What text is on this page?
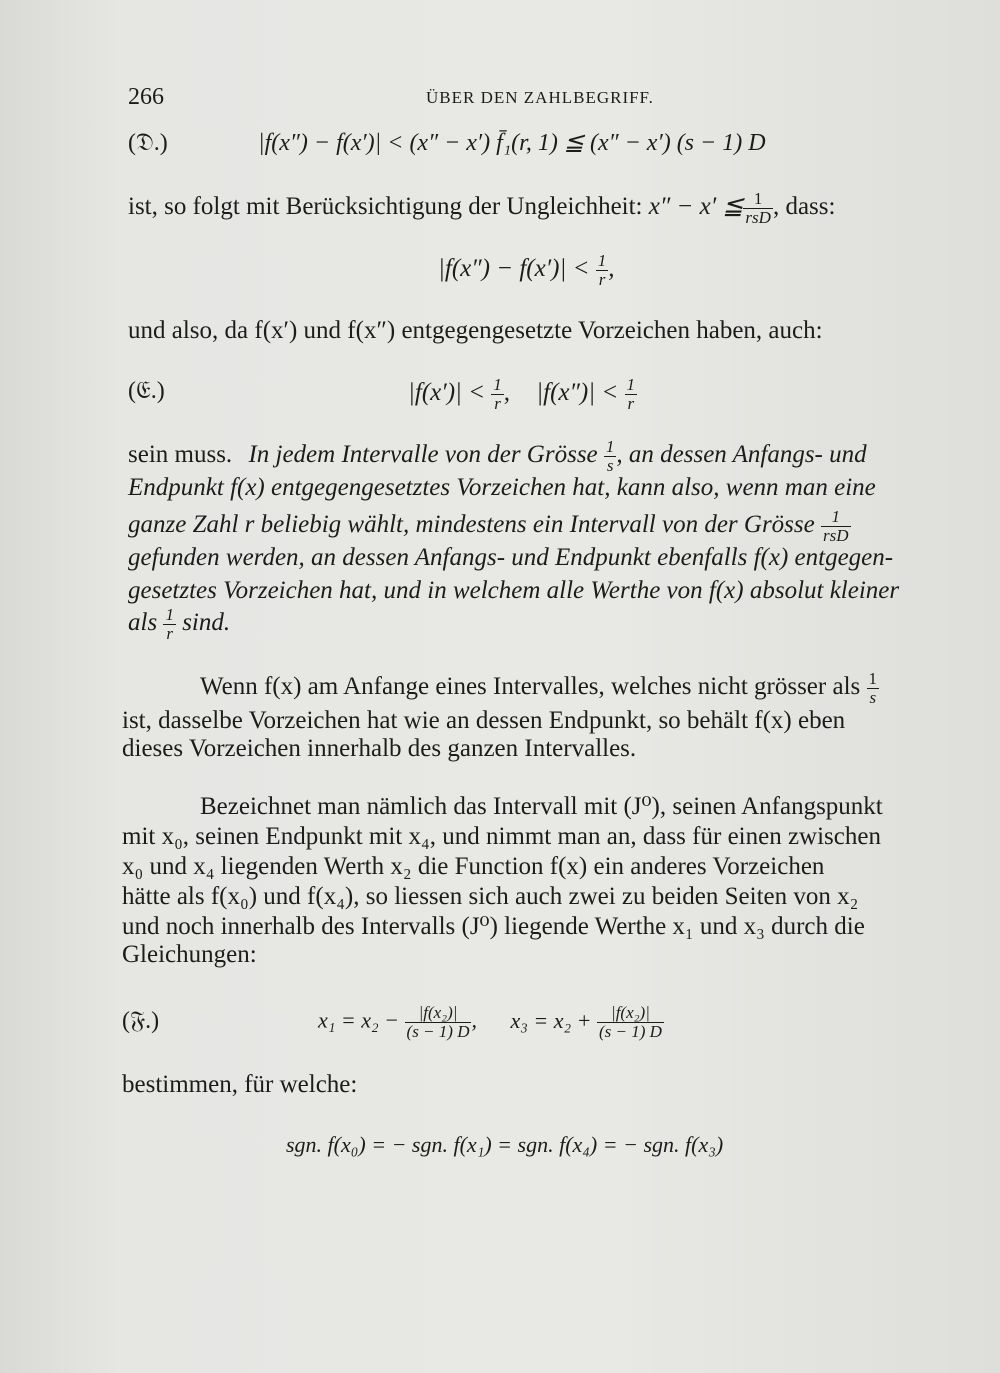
266	ÜBER DEN ZAHLBEGRIFF.
(𝔇.)	|f(x″) − f(x′)| < (x″ − x′) f̄₁(r, 1) ≦ (x″ − x′) (s − 1) D
ist, so folgt mit Berücksichtigung der Ungleichheit: x″ − x′ ≦ $\frac{1}{\text{rsD}}$ , dass:
$|f(x'') - f(x')| < \frac{1}{r}$ ,
und also, da f(x′) und f(x″) entgegengesetzte Vorzeichen haben, auch:
(𝔈.)	$|f(x')| < \frac{1}{r}$ , $|f(x'')| < \frac{1}{r}$
sein muss. In jedem Intervalle von der Grösse $\frac{1}{s}$ , an dessen Anfangs- und
Endpunkt f(x) entgegengesetztes Vorzeichen hat, kann also, wenn man eine
ganze Zahl r beliebig wählt, mindestens ein Intervall von der Grösse $\frac{1}{\text{rsD}}$
gefunden werden, an dessen Anfangs- und Endpunkt ebenfalls f(x) entgegen-
gesetztes Vorzeichen hat, und in welchem alle Werthe von f(x) absolut kleiner
als $\frac{1}{r} \sin d$.
Wenn f(x) am Anfange eines Intervalles, welches nicht grösser als $\frac{1}{s}$
ist, dasselbe Vorzeichen hat wie an dessen Endpunkt, so behält f(x) eben
dieses Vorzeichen innerhalb des ganzen Intervalles.
Bezeichnet man nämlich das Intervall mit (J⁰), seinen Anfangspunkt
mit x₀, seinen Endpunkt mit x₄, und nimmt man an, dass für einen zwischen
x₀ und x₄ liegenden Werth x₂ die Function f(x) ein anderes Vorzeichen
hätte als f(x₀) und f(x₄), so liessen sich auch zwei zu beiden Seiten von x₂
und noch innerhalb des Intervalls (J⁰) liegende Werthe x₁ und x₃ durch die
Gleichungen:
(𝔉.)	$x_1 = x_2 - \frac{\text{|f(x₂)|}}{(s - 1) D}$ , $x_3 = x_2 + \frac{\text{|f(x₂)|}}{(s - 1) D}$
bestimmen, für welche:
sgn. f(x₀) = − sgn. f(x₁) = sgn. f(x₄) = − sgn. f(x₃)
